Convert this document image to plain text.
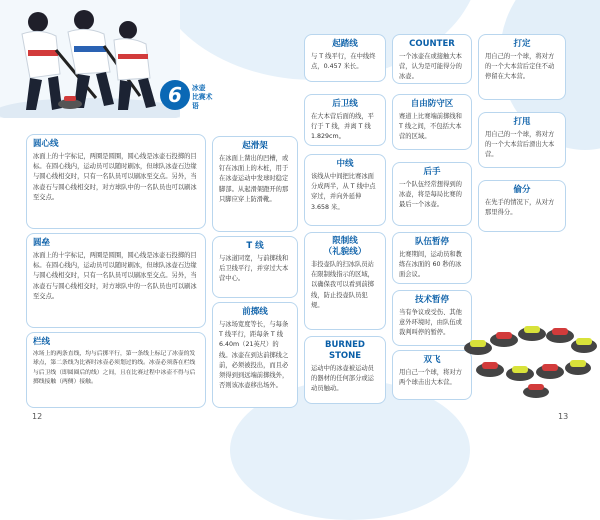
6	冰壶
比赛术语
圆心线
冰面上的十字标记，两圈是圆圈，圆心线是冰壶石投掷的目标。在圆心线内，运动员可以随时刷冰，但球队冰壶石边缘与圆心线相交时，只有一名队员可以刷冰至交点。另外，当冰壶石与圆心线相交时，对方球队中的一名队员也可以刷冰至交点。
圆垒
冰面上的十字标记，两圈是圆圈，圆心线是冰壶石投掷的目标。在圆心线内，运动员可以随时刷冰，但球队冰壶石边缘与圆心线相交时，只有一名队员可以刷冰至交点。另外，当冰壶石与圆心线相交时，对方球队中的一名队员也可以刷冰至交点。
栏线
冰场上的两条直线，均与后掷平行，第一条线上标记了冰壶的发球点，第二条线为比赛时冰壶必须划过的线。冰壶必须落在栏线与后卫线（即圆圈后的线）之间，且在比赛过程中冰壶不得与后掷线接触（两侧）接触。
起滑架
在冰面上凿出的凹槽，或钉在冰面上的木桩，用于在冰壶运动中发球时稳定脚部。从起滑架蹬开的那只脚应穿上防滑靴。
T 线
与冰道同宽，与前掷线和后卫线平行，并穿过大本营中心。
前掷线
与冰场宽度等长，与每条 T 线平行，距每条 T 线 6.40m（21英尺）的线。冰壶在到达前掷线之前，必须被投出，而且必须得到到远端前掷线外，否则该冰壶移出场外。
起踏线
与 T 线平行，在中线终点，0.457 米长。
后卫线
在大本营后面的线，平行于 T 线，并离 T 线 1.829cm。
中线
该线从中间把比赛冰面分成两半，从 T 线中点穿过，并向外延伸 3.658 米。
限制线
（礼貌线）
非投壶队的扫冰队员站在限制线指示的区域，以确保我可以看到前掷线，防止投壶队员犯规。
BURNED
STONE
运动中的冰壶被运动员的器材的任何部分或运动员触动。
COUNTER
一个冰壶在或接触大本营，认为是可能得分的冰壶。
自由防守区
赛道上比赛端前掷线和 T 线之间，不包括大本营的区域。
后手
一个队伍经常想得到的冰壶，将是每局比赛的最后一个冰壶。
队伍暂停
比赛期间，运动员和教练在冰面的 60 秒的冰面会议。
技术暂停
当有争议或受伤、其他意外环境时，由队伍或裁判叫停的暂停。
双飞
用自己一个球，将对方两个球击出大本营。
打定
用自己的一个球，将对方的一个大本营后定住不动停留在大本营。
打甩
用自己的一个球，将对方的一个大本营后滑出大本营。
偷分
在先手的情况下，从对方那里得分。
12	13
